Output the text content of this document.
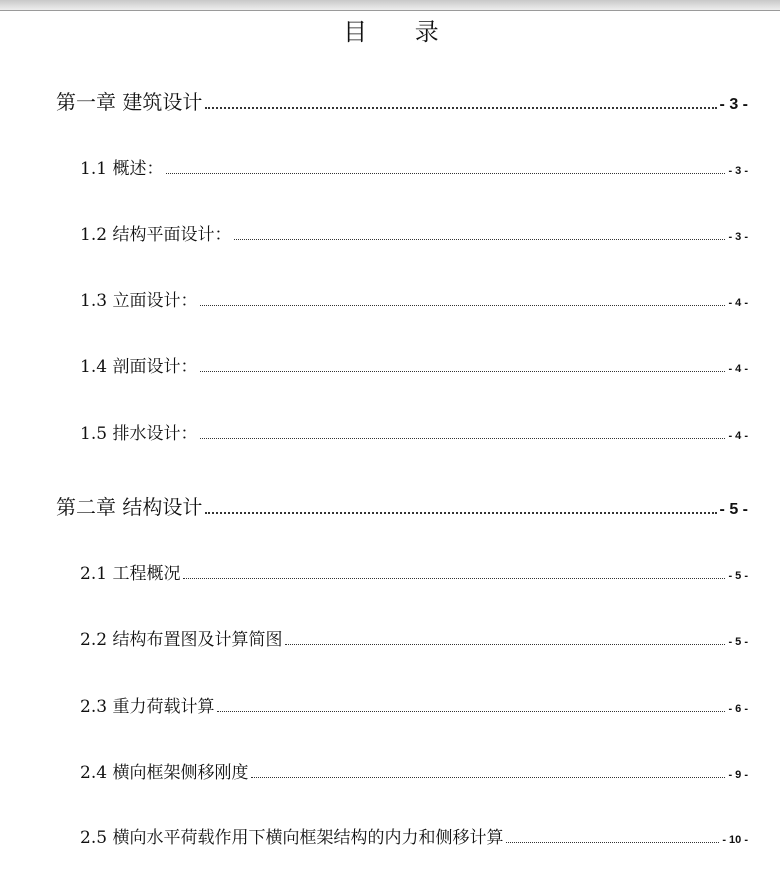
目 录
第一章 建筑设计	- 3 -
1.1 概述：	- 3 -
1.2 结构平面设计：	- 3 -
1.3 立面设计：	- 4 -
1.4 剖面设计：	- 4 -
1.5 排水设计：	- 4 -
第二章 结构设计	- 5 -
2.1 工程概况	- 5 -
2.2 结构布置图及计算简图	- 5 -
2.3 重力荷载计算	- 6 -
2.4 横向框架侧移刚度	- 9 -
2.5 横向水平荷载作用下横向框架结构的内力和侧移计算	- 10 -
